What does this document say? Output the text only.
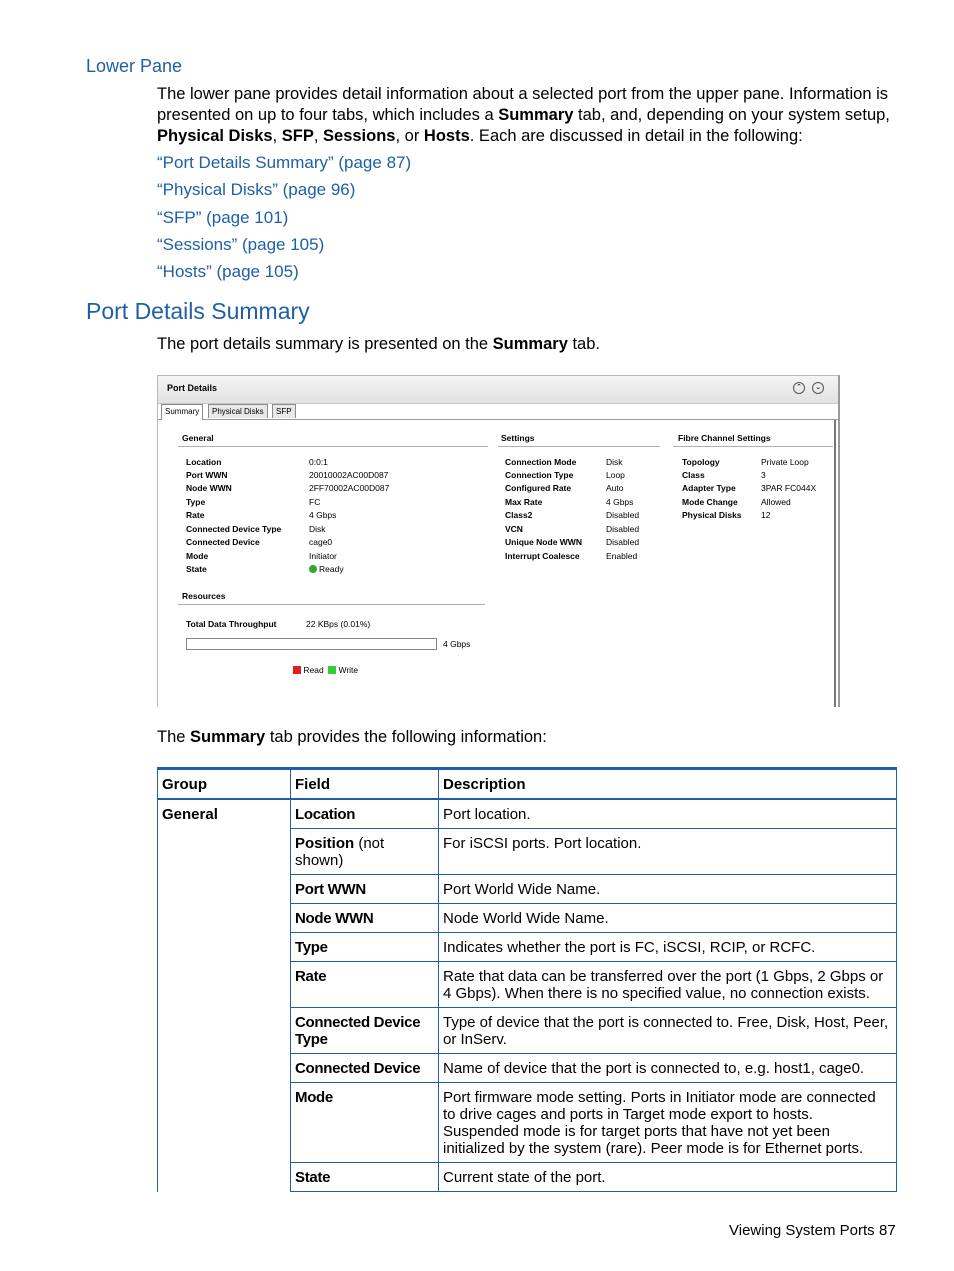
Lower Pane
The lower pane provides detail information about a selected port from the upper pane. Information is presented on up to four tabs, which includes a Summary tab, and, depending on your system setup, Physical Disks, SFP, Sessions, or Hosts. Each are discussed in detail in the following:
“Port Details Summary” (page 87)
“Physical Disks” (page 96)
“SFP” (page 101)
“Sessions” (page 105)
“Hosts” (page 105)
Port Details Summary
The port details summary is presented on the Summary tab.
Port Details	⌃	⌄
Summary	Physical Disks	SFP
General
Location	0:0:1
Port WWN	20010002AC00D087
Node WWN	2FF70002AC00D087
Type	FC
Rate	4 Gbps
Connected Device Type	Disk
Connected Device	cage0
Mode	Initiator
State	Ready
Settings
Connection Mode	Disk
Connection Type	Loop
Configured Rate	Auto
Max Rate	4 Gbps
Class2	Disabled
VCN	Disabled
Unique Node WWN	Disabled
Interrupt Coalesce	Enabled
Fibre Channel Settings
Topology	Private Loop
Class	3
Adapter Type	3PAR FC044X
Mode Change	Allowed
Physical Disks 12
Resources
Total Data Throughput	22 KBps (0.01%)
4 Gbps
Read Write
The Summary tab provides the following information:
Group	Field	Description
General	Location	Port location.
	Position (not shown)	For iSCSI ports. Port location.
	Port WWN	Port World Wide Name.
	Node WWN	Node World Wide Name.
	Type	Indicates whether the port is FC, iSCSI, RCIP, or RCFC.
	Rate	Rate that data can be transferred over the port (1 Gbps, 2 Gbps or 4 Gbps). When there is no specified value, no connection exists.
	Connected Device Type	Type of device that the port is connected to. Free, Disk, Host, Peer, or InServ.
	Connected Device	Name of device that the port is connected to, e.g. host1, cage0.
	Mode	Port firmware mode setting. Ports in Initiator mode are connected to drive cages and ports in Target mode export to hosts. Suspended mode is for target ports that have not yet been initialized by the system (rare). Peer mode is for Ethernet ports.
	State	Current state of the port.
Viewing System Ports 87
